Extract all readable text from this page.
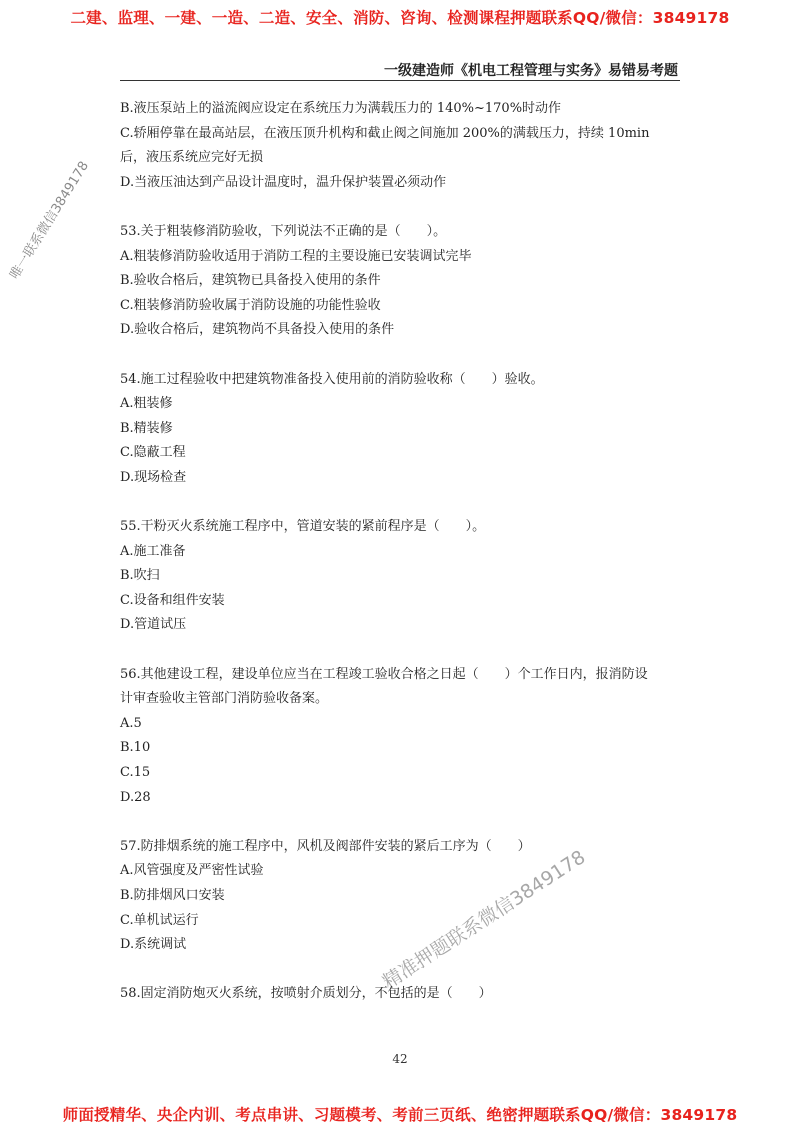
二建、监理、一建、一造、二造、安全、消防、咨询、检测课程押题联系QQ/微信：3849178
一级建造师《机电工程管理与实务》易错易考题
B.液压泵站上的溢流阀应设定在系统压力为满载压力的 140%~170%时动作
C.轿厢停靠在最高站层，在液压顶升机构和截止阀之间施加 200%的满载压力，持续 10min
后，液压系统应完好无损
D.当液压油达到产品设计温度时，温升保护装置必须动作
53.关于粗装修消防验收，下列说法不正确的是（　　）。
A.粗装修消防验收适用于消防工程的主要设施已安装调试完毕
B.验收合格后，建筑物已具备投入使用的条件
C.粗装修消防验收属于消防设施的功能性验收
D.验收合格后，建筑物尚不具备投入使用的条件
54.施工过程验收中把建筑物准备投入使用前的消防验收称（　　）验收。
A.粗装修
B.精装修
C.隐蔽工程
D.现场检查
55.干粉灭火系统施工程序中，管道安装的紧前程序是（　　）。
A.施工准备
B.吹扫
C.设备和组件安装
D.管道试压
56.其他建设工程，建设单位应当在工程竣工验收合格之日起（　　）个工作日内，报消防设
计审查验收主管部门消防验收备案。
A.5
B.10
C.15
D.28
57.防排烟系统的施工程序中，风机及阀部件安装的紧后工序为（　　）
A.风管强度及严密性试验
B.防排烟风口安装
C.单机试运行
D.系统调试
58.固定消防炮灭火系统，按喷射介质划分，不包括的是（　　）
42
唯一联系微信3849178
精准押题联系微信3849178
师面授精华、央企内训、考点串讲、习题模考、考前三页纸、绝密押题联系QQ/微信：3849178
